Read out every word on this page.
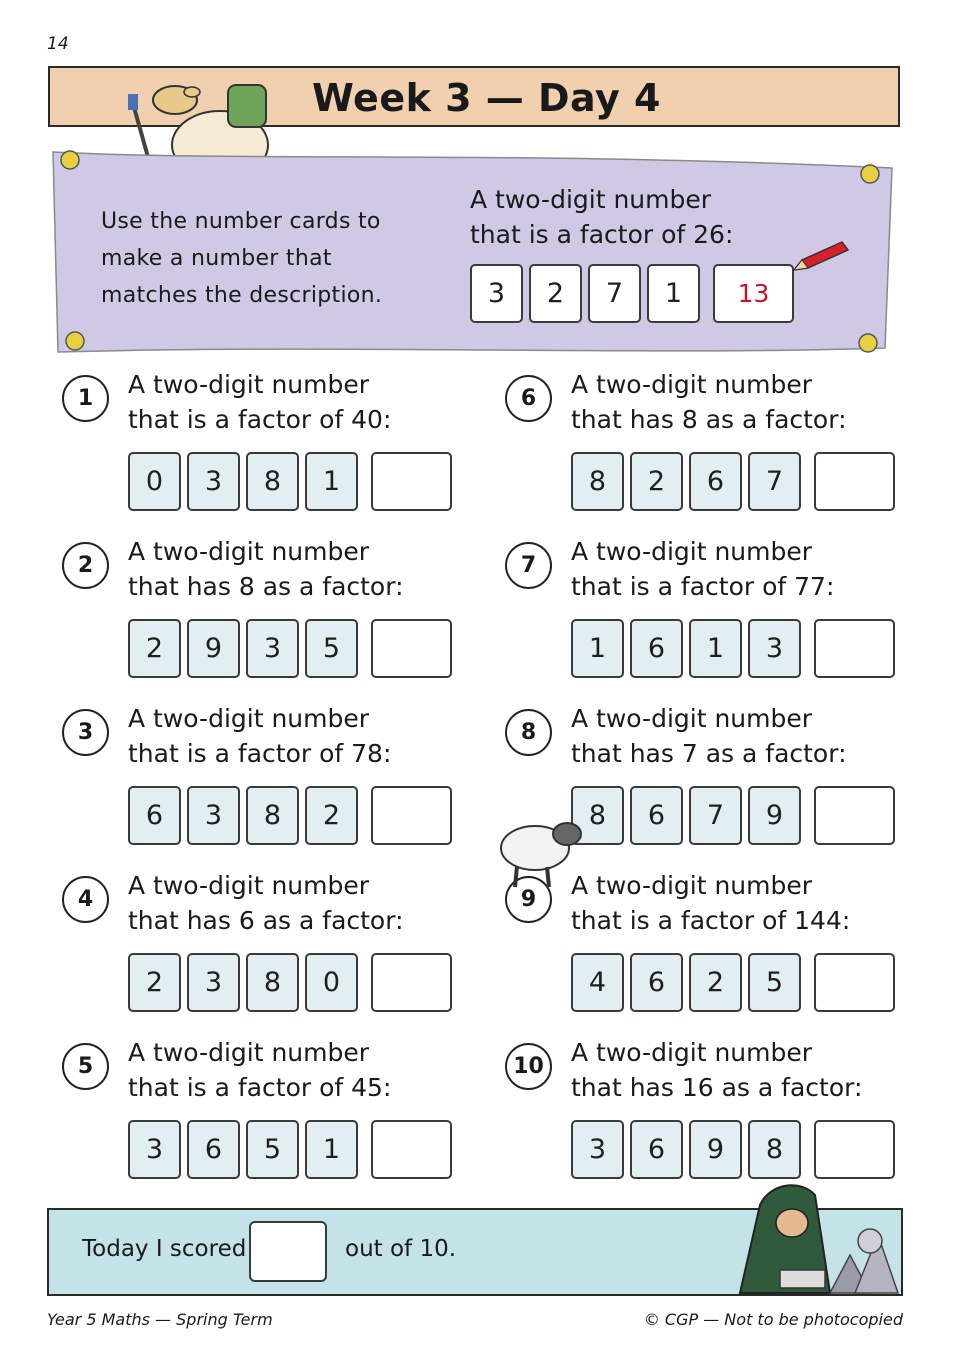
14
Week 3 — Day 4
Use the number cards to make a number that matches the description.
A two-digit number
that is a factor of 26:
3	2	7	1	13
1	A two-digit number
that is a factor of 40:
0	3	8	1
2	A two-digit number
that has 8 as a factor:
2	9	3	5
3	A two-digit number
that is a factor of 78:
6	3	8	2
4	A two-digit number
that has 6 as a factor:
2	3	8	0
5	A two-digit number
that is a factor of 45:
3	6	5	1
6	A two-digit number
that has 8 as a factor:
8	2	6	7
7	A two-digit number
that is a factor of 77:
1	6	1	3
8	A two-digit number
that has 7 as a factor:
8	6	7	9
9	A two-digit number
that is a factor of 144:
4	6	2	5
10	A two-digit number
that has 16 as a factor:
3	6	9	8
Today I scored	out of 10.
Year 5 Maths — Spring Term	© CGP — Not to be photocopied
